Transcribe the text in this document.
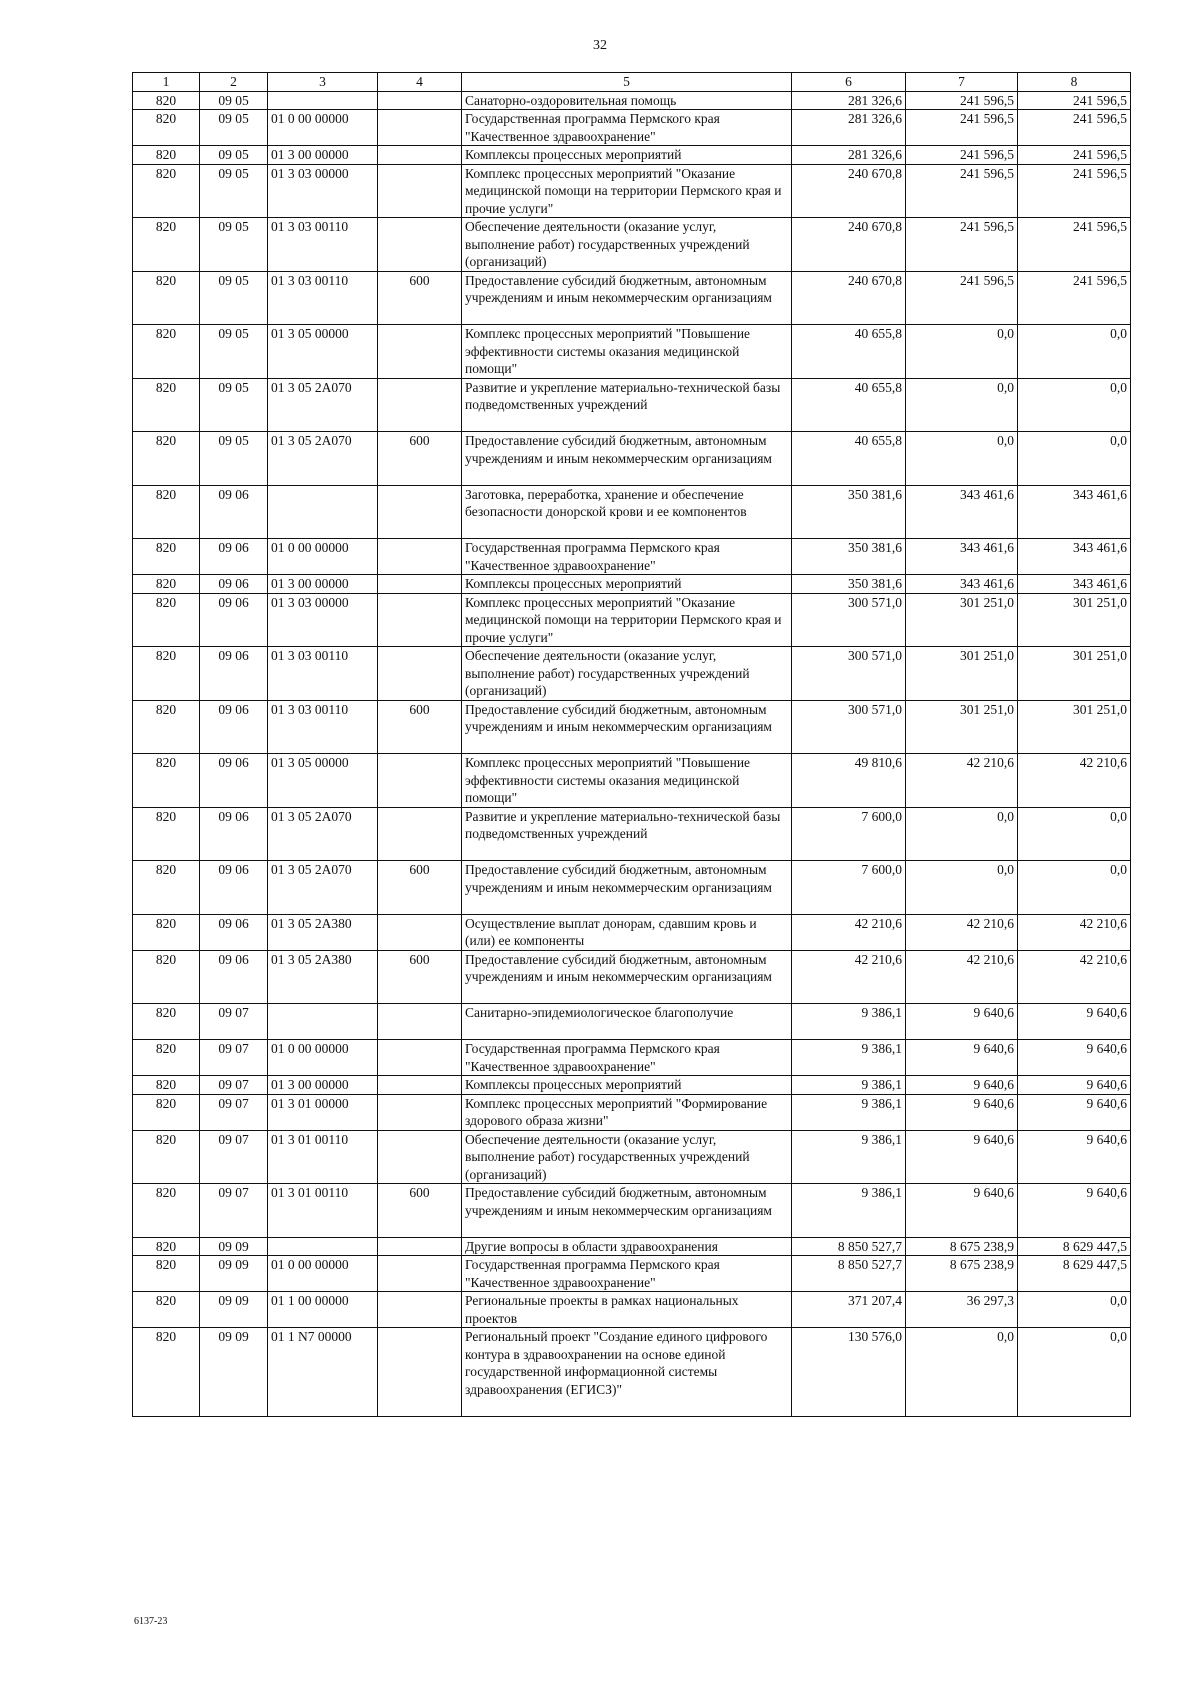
32
1	2	3	4	5	6	7	8
820	09 05			Санаторно-оздоровительная помощь	281 326,6	241 596,5	241 596,5
820	09 05	01 0 00 00000		Государственная программа Пермского края "Качественное здравоохранение"	281 326,6	241 596,5	241 596,5
820	09 05	01 3 00 00000		Комплексы процессных мероприятий	281 326,6	241 596,5	241 596,5
820	09 05	01 3 03 00000		Комплекс процессных мероприятий "Оказание медицинской помощи на территории Пермского края и прочие услуги"	240 670,8	241 596,5	241 596,5
820	09 05	01 3 03 00110		Обеспечение деятельности (оказание услуг, выполнение работ) государственных учреждений (организаций)	240 670,8	241 596,5	241 596,5
820	09 05	01 3 03 00110	600	Предоставление субсидий бюджетным, автономным учреждениям и иным некоммерческим организациям	240 670,8	241 596,5	241 596,5
820	09 05	01 3 05 00000		Комплекс процессных мероприятий "Повышение эффективности системы оказания медицинской помощи"	40 655,8	0,0	0,0
820	09 05	01 3 05 2А070		Развитие и укрепление материально-технической базы подведомственных учреждений	40 655,8	0,0	0,0
820	09 05	01 3 05 2А070	600	Предоставление субсидий бюджетным, автономным учреждениям и иным некоммерческим организациям	40 655,8	0,0	0,0
820	09 06			Заготовка, переработка, хранение и обеспечение безопасности донорской крови и ее компонентов	350 381,6	343 461,6	343 461,6
820	09 06	01 0 00 00000		Государственная программа Пермского края "Качественное здравоохранение"	350 381,6	343 461,6	343 461,6
820	09 06	01 3 00 00000		Комплексы процессных мероприятий	350 381,6	343 461,6	343 461,6
820	09 06	01 3 03 00000		Комплекс процессных мероприятий "Оказание медицинской помощи на территории Пермского края и прочие услуги"	300 571,0	301 251,0	301 251,0
820	09 06	01 3 03 00110		Обеспечение деятельности (оказание услуг, выполнение работ) государственных учреждений (организаций)	300 571,0	301 251,0	301 251,0
820	09 06	01 3 03 00110	600	Предоставление субсидий бюджетным, автономным учреждениям и иным некоммерческим организациям	300 571,0	301 251,0	301 251,0
820	09 06	01 3 05 00000		Комплекс процессных мероприятий "Повышение эффективности системы оказания медицинской помощи"	49 810,6	42 210,6	42 210,6
820	09 06	01 3 05 2А070		Развитие и укрепление материально-технической базы подведомственных учреждений	7 600,0	0,0	0,0
820	09 06	01 3 05 2А070	600	Предоставление субсидий бюджетным, автономным учреждениям и иным некоммерческим организациям	7 600,0	0,0	0,0
820	09 06	01 3 05 2А380		Осуществление выплат донорам, сдавшим кровь и (или) ее компоненты	42 210,6	42 210,6	42 210,6
820	09 06	01 3 05 2А380	600	Предоставление субсидий бюджетным, автономным учреждениям и иным некоммерческим организациям	42 210,6	42 210,6	42 210,6
820	09 07			Санитарно-эпидемиологическое благополучие	9 386,1	9 640,6	9 640,6
820	09 07	01 0 00 00000		Государственная программа Пермского края "Качественное здравоохранение"	9 386,1	9 640,6	9 640,6
820	09 07	01 3 00 00000		Комплексы процессных мероприятий	9 386,1	9 640,6	9 640,6
820	09 07	01 3 01 00000		Комплекс процессных мероприятий "Формирование здорового образа жизни"	9 386,1	9 640,6	9 640,6
820	09 07	01 3 01 00110		Обеспечение деятельности (оказание услуг, выполнение работ) государственных учреждений (организаций)	9 386,1	9 640,6	9 640,6
820	09 07	01 3 01 00110	600	Предоставление субсидий бюджетным, автономным учреждениям и иным некоммерческим организациям	9 386,1	9 640,6	9 640,6
820	09 09			Другие вопросы в области здравоохранения	8 850 527,7	8 675 238,9	8 629 447,5
820	09 09	01 0 00 00000		Государственная программа Пермского края "Качественное здравоохранение"	8 850 527,7	8 675 238,9	8 629 447,5
820	09 09	01 1 00 00000		Региональные проекты в рамках национальных проектов	371 207,4	36 297,3	0,0
820	09 09	01 1 N7 00000		Региональный проект "Создание единого цифрового контура в здравоохранении на основе единой государственной информационной системы здравоохранения (ЕГИСЗ)"	130 576,0	0,0	0,0
6137-23
